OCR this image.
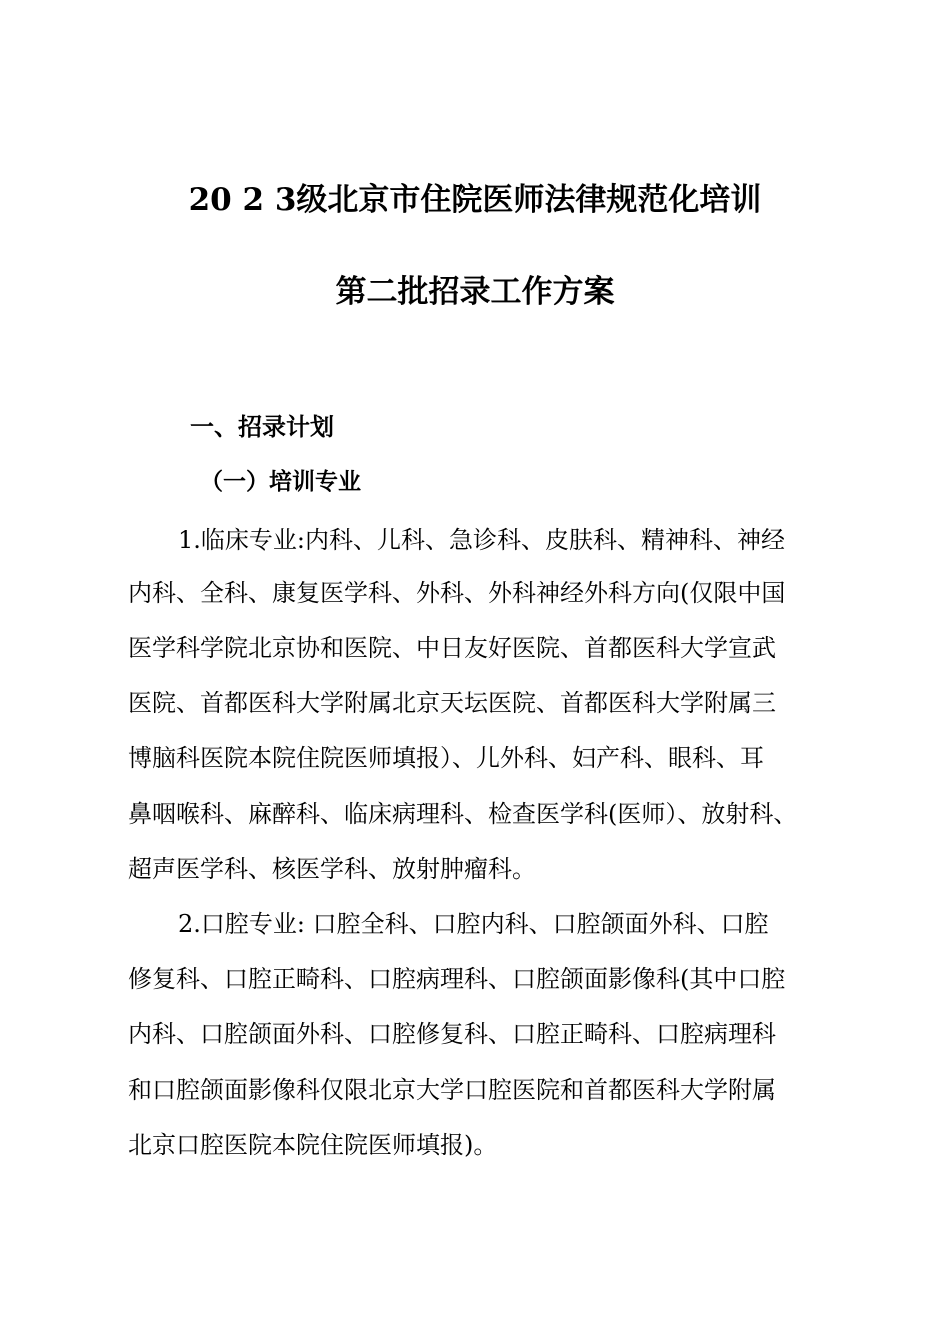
20 2 3级北京市住院医师法律规范化培训
第二批招录工作方案
一、招录计划
（一）培训专业

1.临床专业:内科、儿科、急诊科、皮肤科、精神科、神经

内科、全科、康复医学科、外科、外科神经外科方向(仅限中国

医学科学院北京协和医院、中日友好医院、首都医科大学宣武

医院、首都医科大学附属北京天坛医院、首都医科大学附属三

博脑科医院本院住院医师填报）、儿外科、妇产科、眼科、耳

鼻咽喉科、麻醉科、临床病理科、检查医学科(医师）、放射科、

超声医学科、核医学科、放射肿瘤科。

2.口腔专业: 口腔全科、口腔内科、口腔颌面外科、口腔

修复科、口腔正畸科、口腔病理科、口腔颌面影像科(其中口腔

内科、口腔颌面外科、口腔修复科、口腔正畸科、口腔病理科

和口腔颌面影像科仅限北京大学口腔医院和首都医科大学附属

北京口腔医院本院住院医师填报)。
